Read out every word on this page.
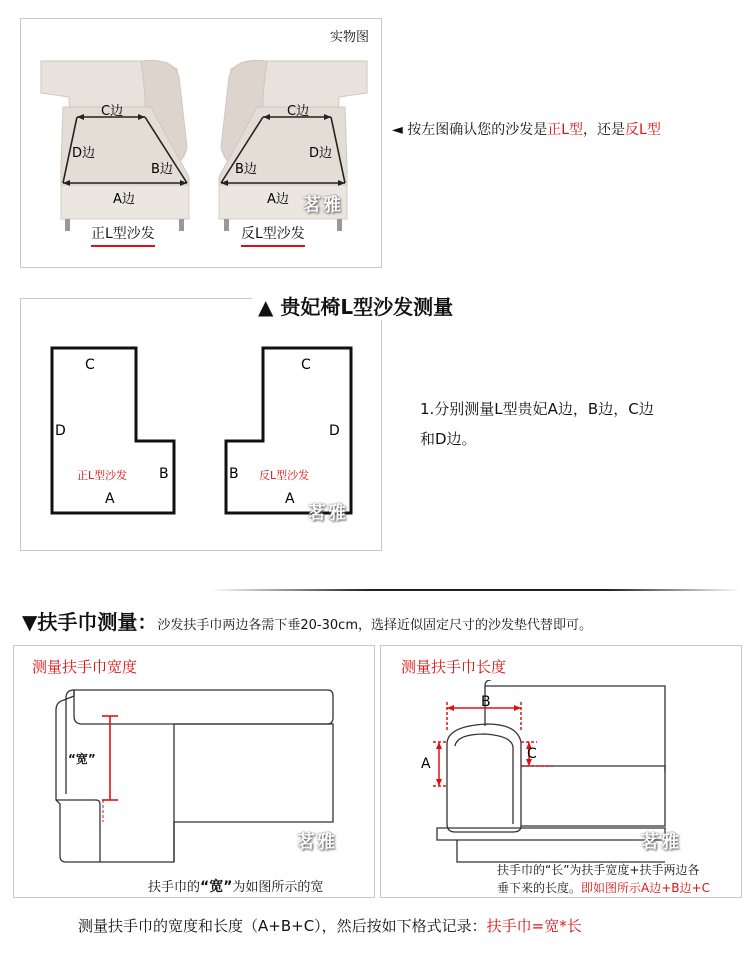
实物图
C边
D边
B边
A边
C边
D边
B边
A边 茗雅
正L型沙发	反L型沙发
◄ 按左图确认您的沙发是正L型，还是反L型
C
D
B
A
正L型沙发
C
D
B
A
反L型沙发
茗雅
▲ 贵妃椅L型沙发测量
1.分别测量L型贵妃A边，B边，C边
和D边。
▼扶手巾测量：沙发扶手巾两边各需下垂20-30cm，选择近似固定尺寸的沙发垫代替即可。
测量扶手巾宽度
“宽”
茗雅
扶手巾的“宽”为如图所示的宽
测量扶手巾长度
B
A
C
茗雅
扶手巾的“长”为扶手宽度+扶手两边各
垂下来的长度。即如图所示A边+B边+C
测量扶手巾的宽度和长度（A+B+C），然后按如下格式记录：扶手巾=宽*长
